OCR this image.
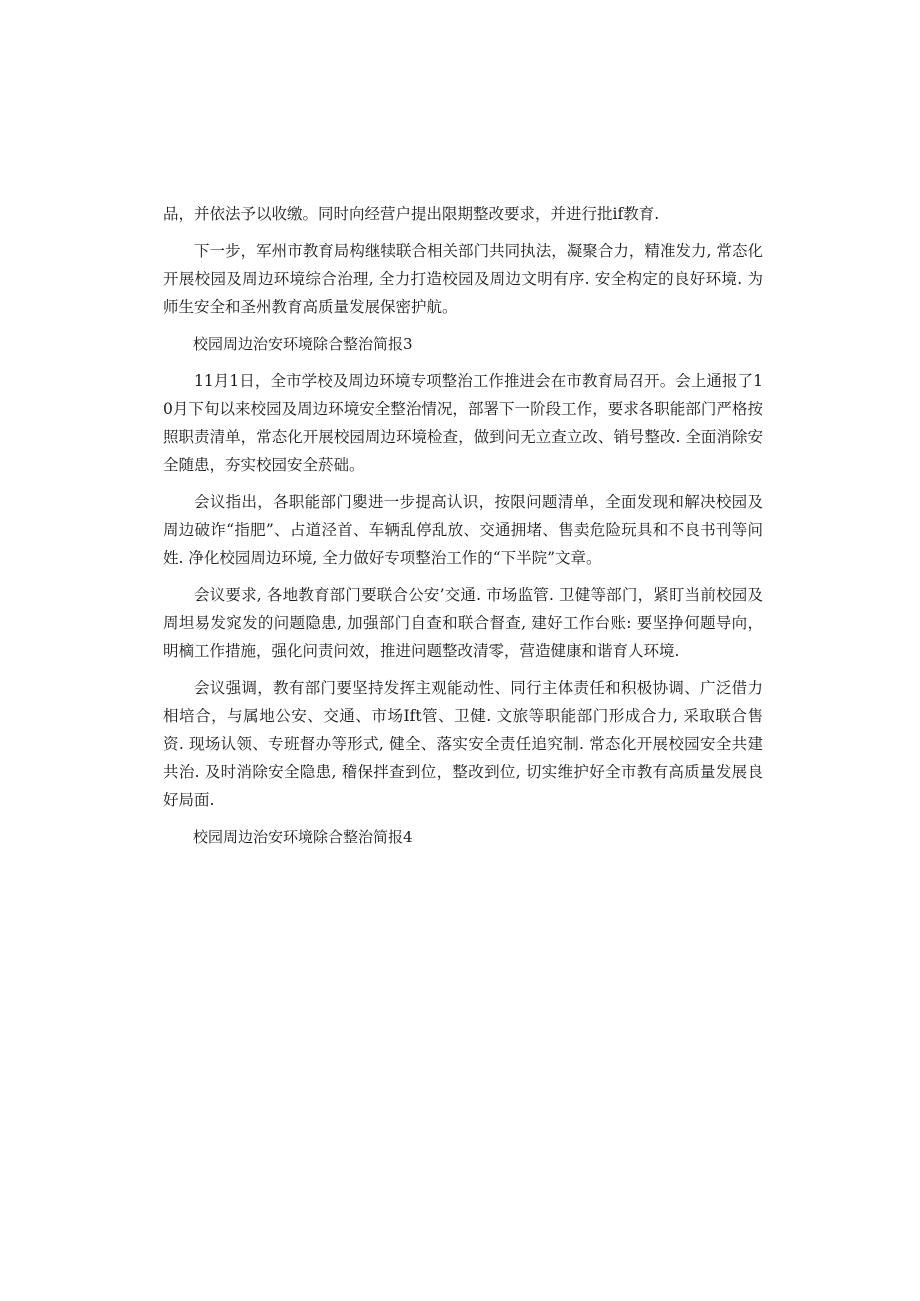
品，并依法予以收缴。同时向经营户提出限期整改要求，并进行批if教育.

下一步，军州市教育局构继犊联合相关部门共同执法，凝聚合力，精准发力, 常态化开展校园及周边环境综合治理, 全力打造校园及周边文明有序. 安全构定的良好环境. 为师生安全和圣州教育高质量发展保密护航。

校园周边治安环境除合整治简报3

11月1日，全市学校及周边环境专项整治工作推进会在市教育局召开。会上通报了10月下旬以来校园及周边环境安全整治情况，部署下一阶段工作，要求各职能部门严格按照职责清单，常态化开展校园周边环境检查，做到问无立查立改、销号整改. 全面消除安全随患，夯实校园安全菸础。

会议指出，各职能部门夓进一步提高认识，按限问题清单，全面发现和解决校园及周边破诈“指肥”、占道泾首、车辆乱停乱放、交通拥堵、售卖危险玩具和不良书刊等问姓. 净化校园周边环境, 全力做好专项整治工作的“下半院”文章。

会议要求, 各地教育部门要联合公安’交通. 市场监管. 卫健等部门，紧盯当前校园及周坦易发窕发的问题隐患, 加强部门自查和联合督查, 建好工作台账: 要坚挣何题导向，明樀工作措施，强化问责问效，推进问题整改清零，营造健康和谐育人环境.

会议强调，教有部门要坚持发挥主观能动性、同行主体责任和积极协调、广泛借力相培合，与属地公安、交通、市场Ift管、卫健. 文旅等职能部门形成合力, 采取联合售资. 现场认领、专班督办等形式, 健全、落实安全责任追究制. 常态化开展校园安全共建共治. 及时消除安全隐患, 稽保拌查到位，整改到位, 切实维护好全市教有高质量发展良好局面.

校园周边治安环境除合整治简报4
